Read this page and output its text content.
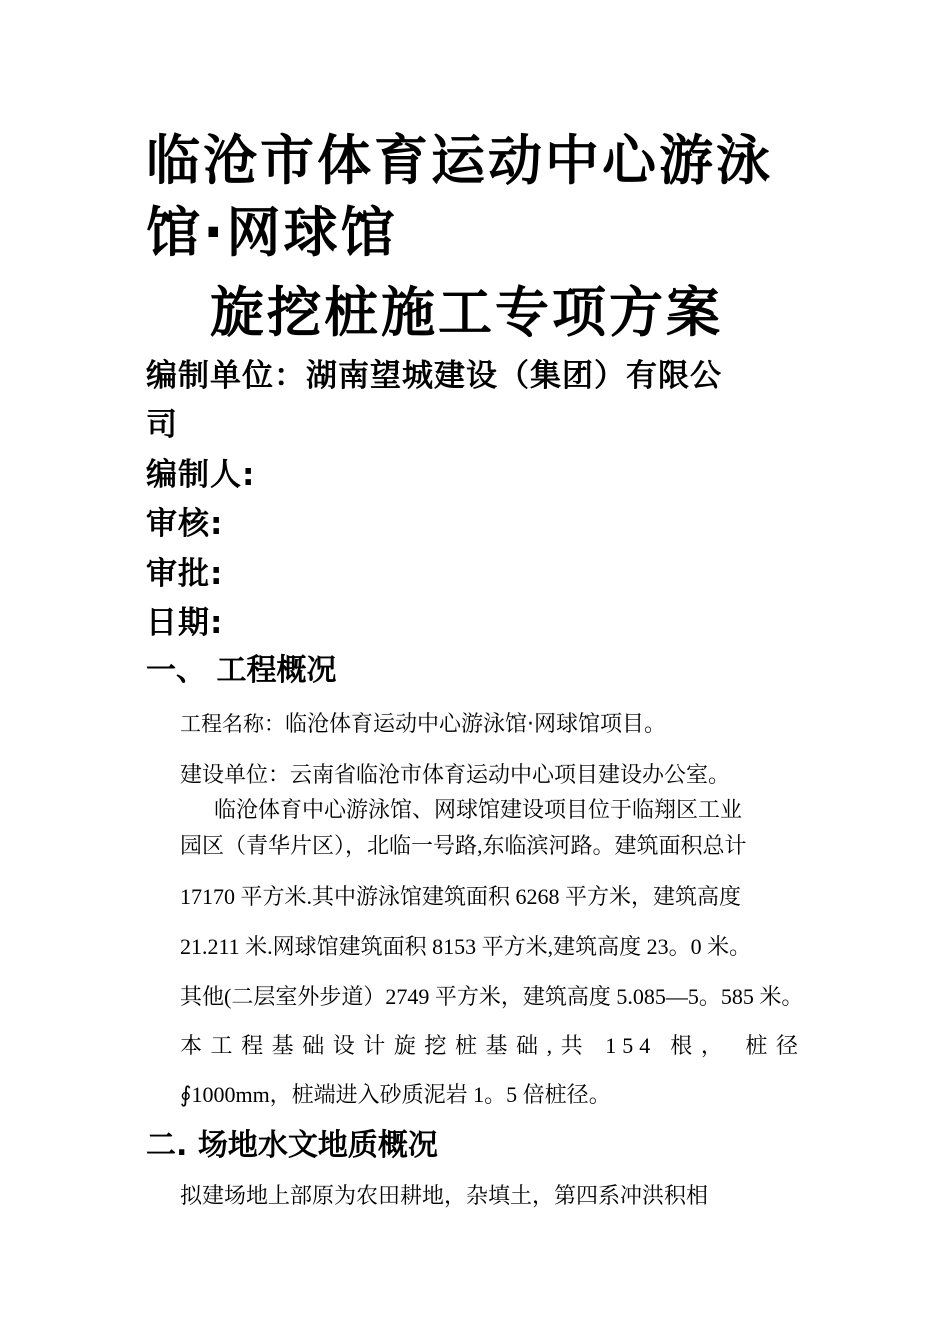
临沧市体育运动中心游泳
馆·网球馆
旋挖桩施工专项方案
编制单位：湖南望城建设（集团）有限公
司
编制人:
审核:
审批:
日期:
一、 工程概况
工程名称：临沧体育运动中心游泳馆·网球馆项目。
建设单位：云南省临沧市体育运动中心项目建设办公室。
临沧体育中心游泳馆、网球馆建设项目位于临翔区工业
园区（青华片区），北临一号路,东临滨河路。建筑面积总计
17170 平方米.其中游泳馆建筑面积 6268 平方米，建筑高度
21.211 米.网球馆建筑面积 8153 平方米,建筑高度 23。0 米。
其他(二层室外步道）2749 平方米，建筑高度 5.085—5。585 米。
本工程基础设计旋挖桩基础,共 154 根， 桩径
∮1000mm，桩端进入砂质泥岩 1。5 倍桩径。
二. 场地水文地质概况
拟建场地上部原为农田耕地，杂填土，第四系冲洪积相
